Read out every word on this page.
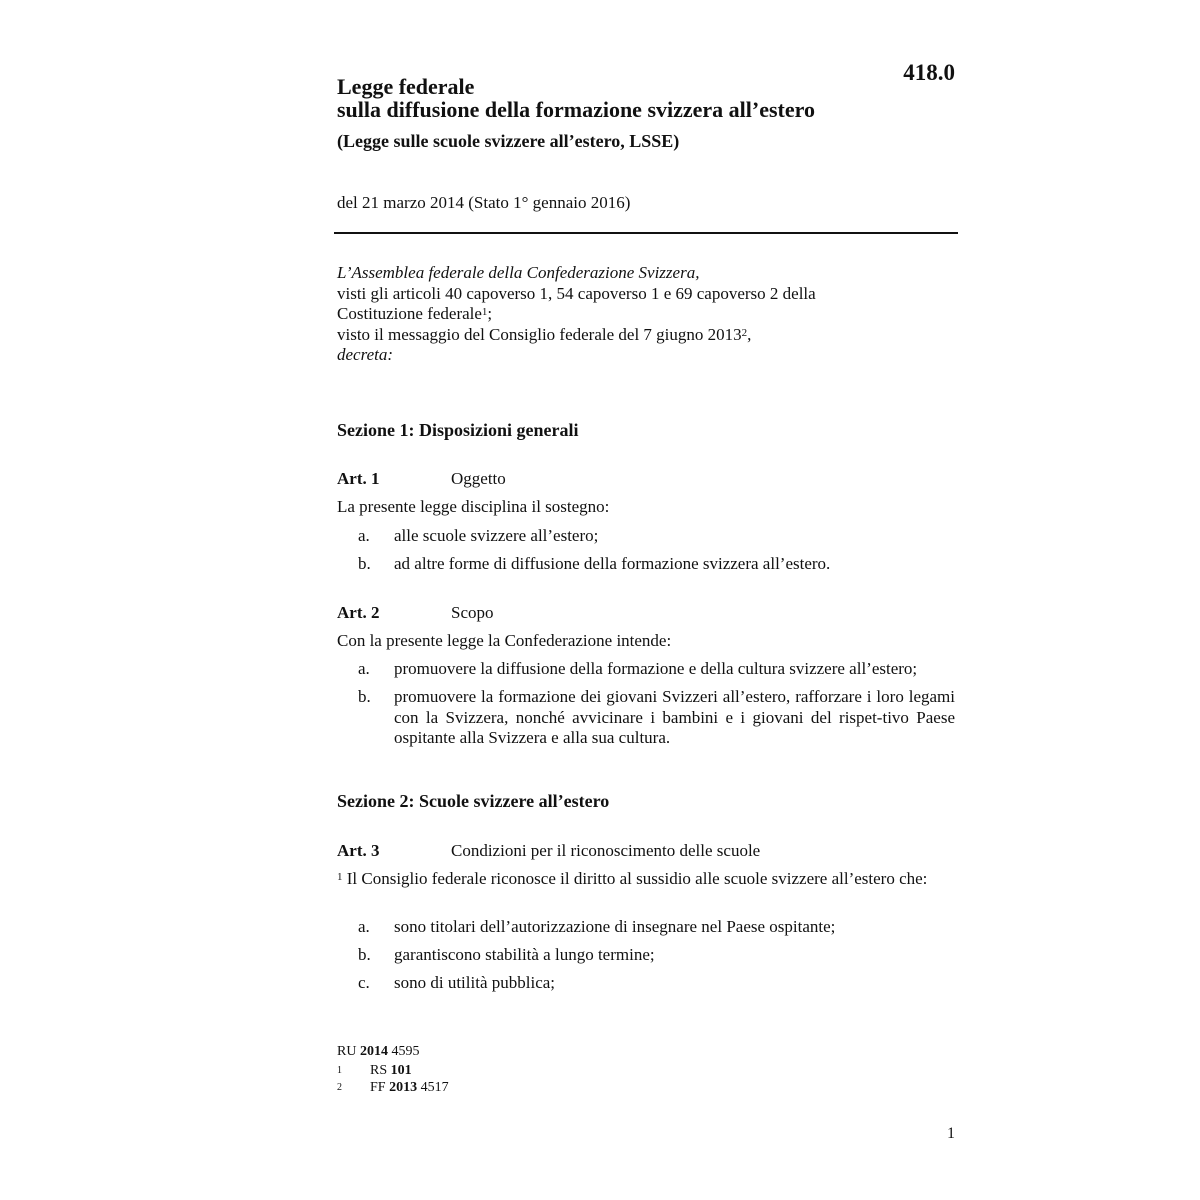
418.0
Legge federale
sulla diffusione della formazione svizzera all’estero
(Legge sulle scuole svizzere all’estero, LSSE)
del 21 marzo 2014 (Stato 1° gennaio 2016)
L’Assemblea federale della Confederazione Svizzera,
visti gli articoli 40 capoverso 1, 54 capoverso 1 e 69 capoverso 2 della
Costituzione federale$^1$;
visto il messaggio del Consiglio federale del 7 giugno 2013$^2$,
decreta:
Sezione 1: Disposizioni generali
Art. 1	Oggetto
La presente legge disciplina il sostegno:
a. alle scuole svizzere all’estero;
b. ad altre forme di diffusione della formazione svizzera all’estero.
Art. 2	Scopo
Con la presente legge la Confederazione intende:
a. promuovere la diffusione della formazione e della cultura svizzere all’estero;
b. promuovere la formazione dei giovani Svizzeri all’estero, rafforzare i loro legami con la Svizzera, nonché avvicinare i bambini e i giovani del rispet-tivo Paese ospitante alla Svizzera e alla sua cultura.
Sezione 2: Scuole svizzere all’estero
Art. 3	Condizioni per il riconoscimento delle scuole
$^1$ Il Consiglio federale riconosce il diritto al sussidio alle scuole svizzere all’estero che:
a. sono titolari dell’autorizzazione di insegnare nel Paese ospitante;
b. garantiscono stabilità a lungo termine;
c. sono di utilità pubblica;
RU 2014 4595
1 RS 101
2 FF 2013 4517
1
